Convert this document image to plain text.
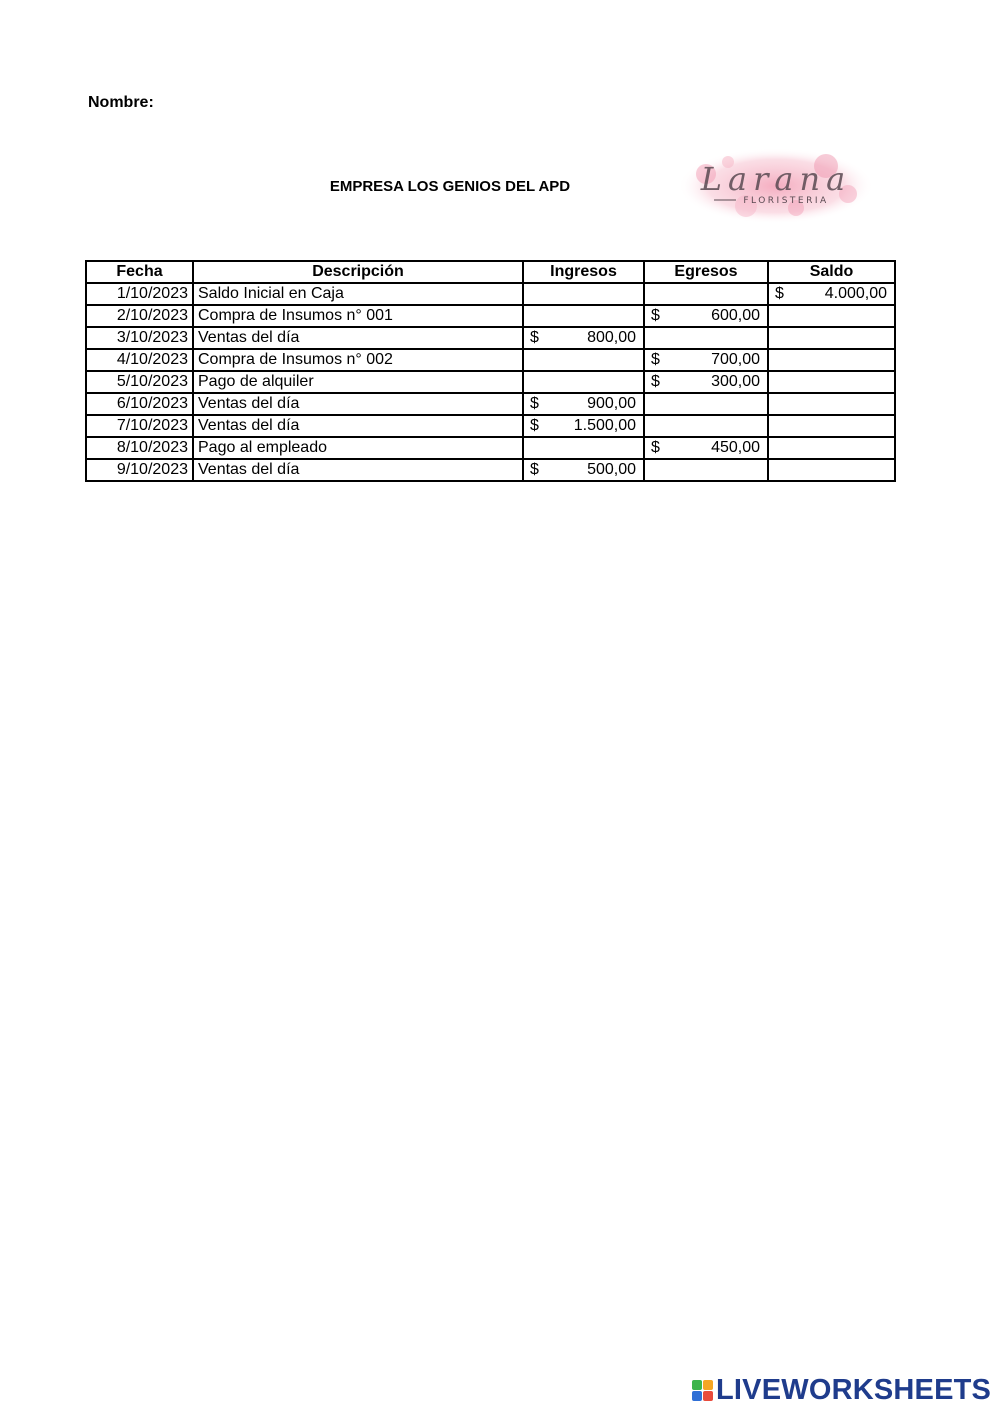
Nombre:
EMPRESA LOS GENIOS DEL APD	Larana
FLORISTERIA
Fecha	Descripción	Ingresos	Egresos	Saldo
1/10/2023	Saldo Inicial en Caja			$ 4.000,00

2/10/2023	Compra de Insumos n° 001		$ 600,00	

3/10/2023	Ventas del día	$ 800,00		

4/10/2023	Compra de Insumos n° 002		$ 700,00	

5/10/2023	Pago de alquiler		$ 300,00	

6/10/2023	Ventas del día	$ 900,00		

7/10/2023	Ventas del día	$ 1.500,00		

8/10/2023	Pago al empleado		$ 450,00	

9/10/2023	Ventas del día	$ 500,00		

LIVEWORKSHEETS
